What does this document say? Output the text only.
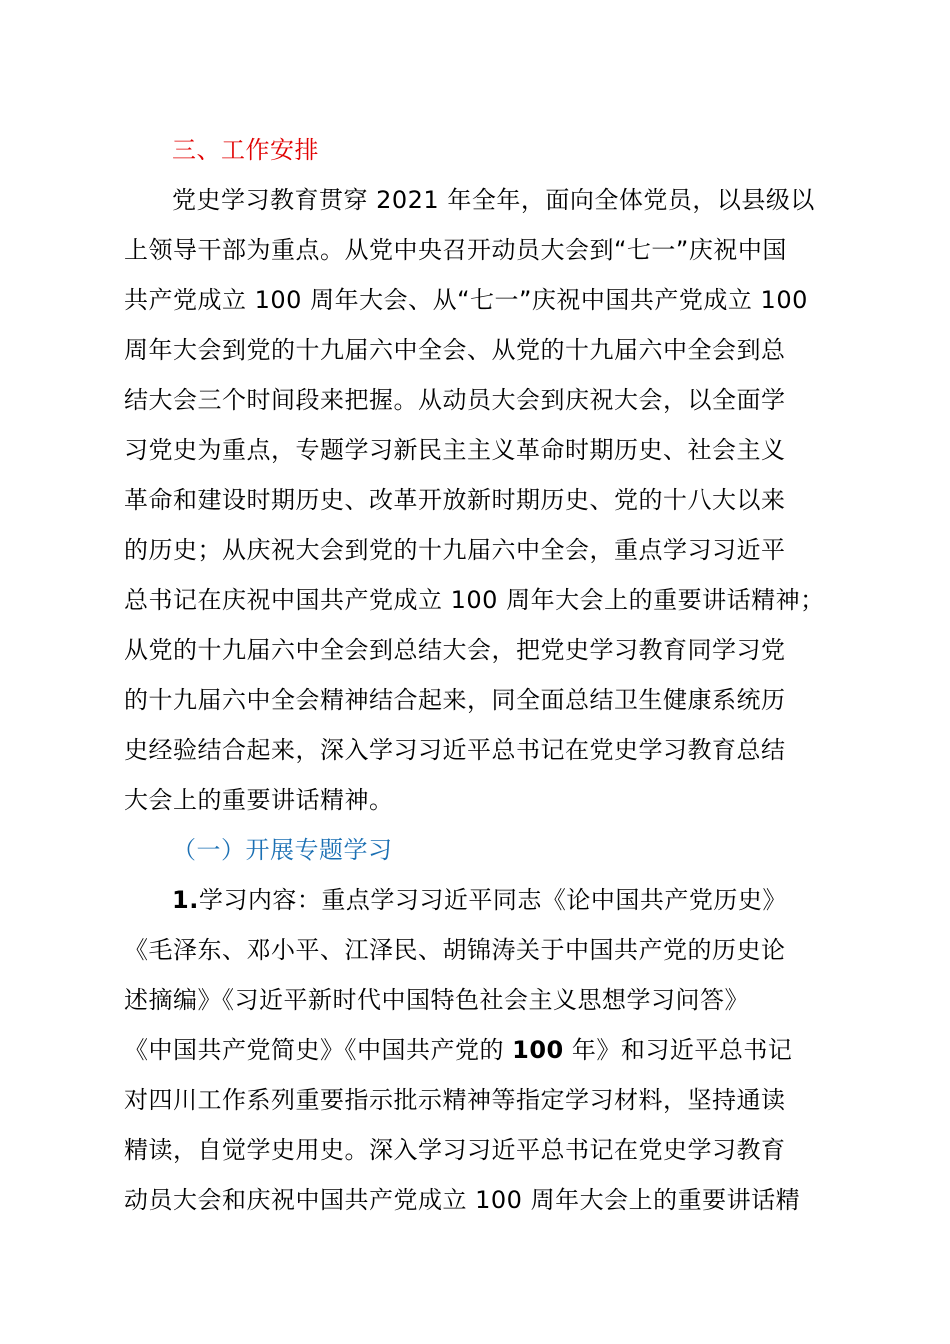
三、工作安排
党史学习教育贯穿 2021 年全年，面向全体党员，以县级以
上领导干部为重点。从党中央召开动员大会到“七一”庆祝中国
共产党成立 100 周年大会、从“七一”庆祝中国共产党成立 100
周年大会到党的十九届六中全会、从党的十九届六中全会到总
结大会三个时间段来把握。从动员大会到庆祝大会，以全面学
习党史为重点，专题学习新民主主义革命时期历史、社会主义
革命和建设时期历史、改革开放新时期历史、党的十八大以来
的历史；从庆祝大会到党的十九届六中全会，重点学习习近平
总书记在庆祝中国共产党成立 100 周年大会上的重要讲话精神；
从党的十九届六中全会到总结大会，把党史学习教育同学习党
的十九届六中全会精神结合起来，同全面总结卫生健康系统历
史经验结合起来，深入学习习近平总书记在党史学习教育总结
大会上的重要讲话精神。
（一）开展专题学习
1.学习内容：重点学习习近平同志《论中国共产党历史》
《毛泽东、邓小平、江泽民、胡锦涛关于中国共产党的历史论
述摘编》《习近平新时代中国特色社会主义思想学习问答》
《中国共产党简史》《中国共产党的 100 年》和习近平总书记
对四川工作系列重要指示批示精神等指定学习材料，坚持通读
精读，自觉学史用史。深入学习习近平总书记在党史学习教育
动员大会和庆祝中国共产党成立 100 周年大会上的重要讲话精
